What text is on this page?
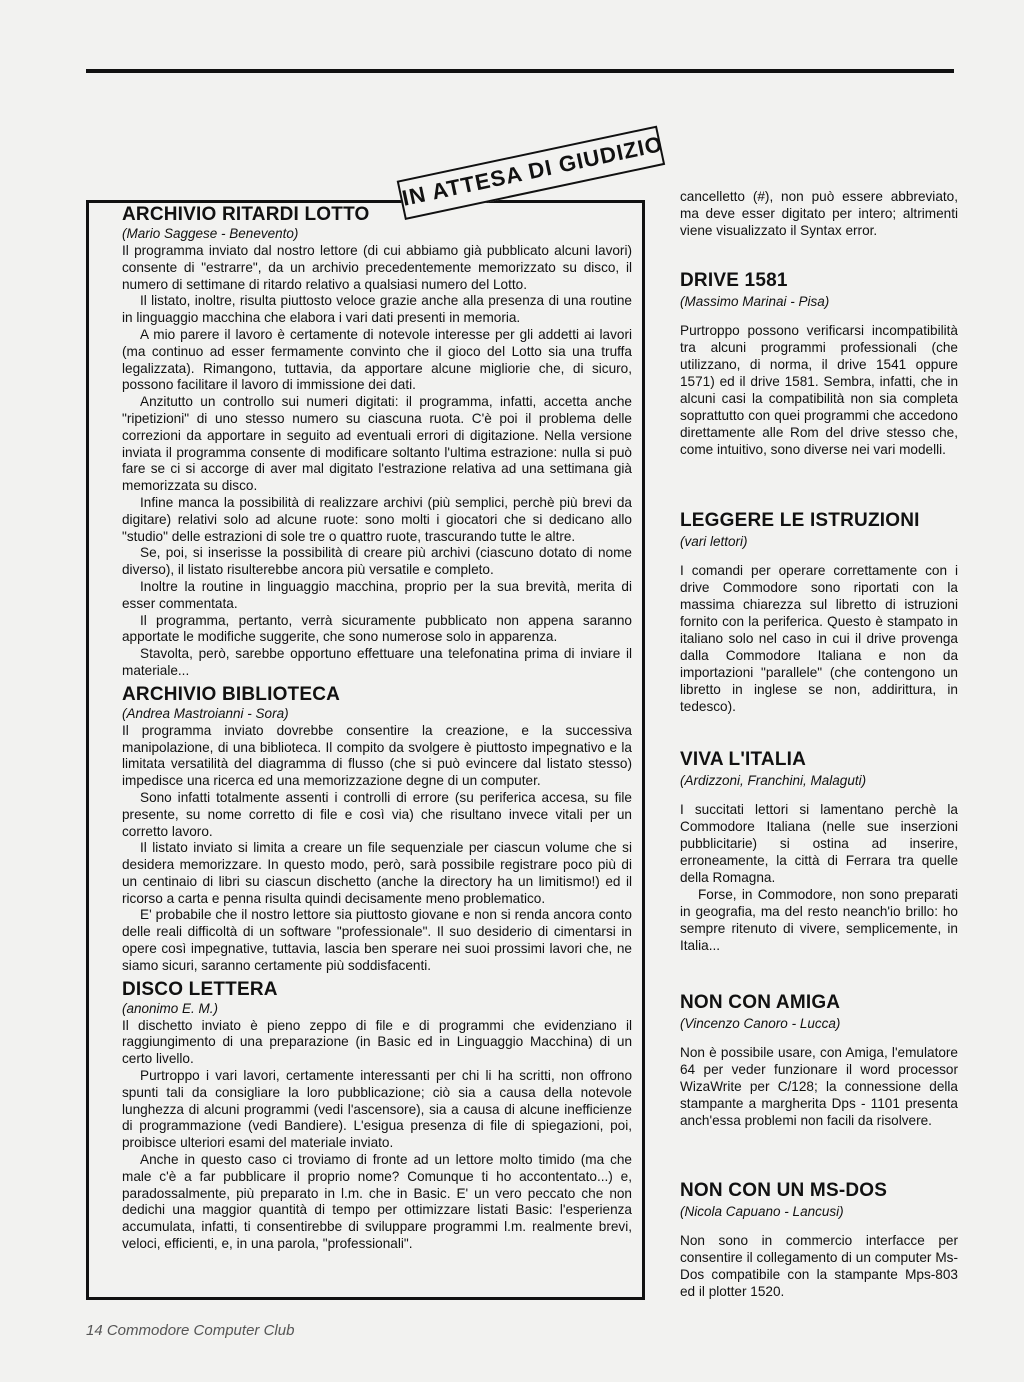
IN ATTESA DI GIUDIZIO
ARCHIVIO RITARDI LOTTO

(Mario Saggese - Benevento)

Il programma inviato dal nostro lettore (di cui abbiamo già pubblicato alcuni lavori) consente di "estrarre", da un archivio precedentemente memorizzato su disco, il numero di settimane di ritardo relativo a qualsiasi numero del Lotto.

Il listato, inoltre, risulta piuttosto veloce grazie anche alla presenza di una routine in linguaggio macchina che elabora i vari dati presenti in memoria.

A mio parere il lavoro è certamente di notevole interesse per gli addetti ai lavori (ma continuo ad esser fermamente convinto che il gioco del Lotto sia una truffa legalizzata). Rimangono, tuttavia, da apportare alcune migliorie che, di sicuro, possono facilitare il lavoro di immissione dei dati.

Anzitutto un controllo sui numeri digitati: il programma, infatti, accetta anche "ripetizioni" di uno stesso numero su ciascuna ruota. C'è poi il problema delle correzioni da apportare in seguito ad eventuali errori di digitazione. Nella versione inviata il programma consente di modificare soltanto l'ultima estrazione: nulla si può fare se ci si accorge di aver mal digitato l'estrazione relativa ad una settimana già memorizzata su disco.

Infine manca la possibilità di realizzare archivi (più semplici, perchè più brevi da digitare) relativi solo ad alcune ruote: sono molti i giocatori che si dedicano allo "studio" delle estrazioni di sole tre o quattro ruote, trascurando tutte le altre.

Se, poi, si inserisse la possibilità di creare più archivi (ciascuno dotato di nome diverso), il listato risulterebbe ancora più versatile e completo.

Inoltre la routine in linguaggio macchina, proprio per la sua brevità, merita di esser commentata.

Il programma, pertanto, verrà sicuramente pubblicato non appena saranno apportate le modifiche suggerite, che sono numerose solo in apparenza.

Stavolta, però, sarebbe opportuno effettuare una telefonatina prima di inviare il materiale...

ARCHIVIO BIBLIOTECA

(Andrea Mastroianni - Sora)

Il programma inviato dovrebbe consentire la creazione, e la successiva manipolazione, di una biblioteca. Il compito da svolgere è piuttosto impegnativo e la limitata versatilità del diagramma di flusso (che si può evincere dal listato stesso) impedisce una ricerca ed una memorizzazione degne di un computer.

Sono infatti totalmente assenti i controlli di errore (su periferica accesa, su file presente, su nome corretto di file e così via) che risultano invece vitali per un corretto lavoro.

Il listato inviato si limita a creare un file sequenziale per ciascun volume che si desidera memorizzare. In questo modo, però, sarà possibile registrare poco più di un centinaio di libri su ciascun dischetto (anche la directory ha un limitismo!) ed il ricorso a carta e penna risulta quindi decisamente meno problematico.

E' probabile che il nostro lettore sia piuttosto giovane e non si renda ancora conto delle reali difficoltà di un software "professionale". Il suo desiderio di cimentarsi in opere così impegnative, tuttavia, lascia ben sperare nei suoi prossimi lavori che, ne siamo sicuri, saranno certamente più soddisfacenti.

DISCO LETTERA

(anonimo E. M.)

Il dischetto inviato è pieno zeppo di file e di programmi che evidenziano il raggiungimento di una preparazione (in Basic ed in Linguaggio Macchina) di un certo livello.

Purtroppo i vari lavori, certamente interessanti per chi li ha scritti, non offrono spunti tali da consigliare la loro pubblicazione; ciò sia a causa della notevole lunghezza di alcuni programmi (vedi l'ascensore), sia a causa di alcune inefficienze di programmazione (vedi Bandiere). L'esigua presenza di file di spiegazioni, poi, proibisce ulteriori esami del materiale inviato.

Anche in questo caso ci troviamo di fronte ad un lettore molto timido (ma che male c'è a far pubblicare il proprio nome? Comunque ti ho accontentato...) e, paradossalmente, più preparato in l.m. che in Basic. E' un vero peccato che non dedichi una maggior quantità di tempo per ottimizzare listati Basic: l'esperienza accumulata, infatti, ti consentirebbe di sviluppare programmi l.m. realmente brevi, veloci, efficienti, e, in una parola, "professionali".

cancelletto (#), non può essere abbreviato, ma deve esser digitato per intero; altrimenti viene visualizzato il Syntax error.

DRIVE 1581

(Massimo Marinai - Pisa)

Purtroppo possono verificarsi incompatibilità tra alcuni programmi professionali (che utilizzano, di norma, il drive 1541 oppure 1571) ed il drive 1581. Sembra, infatti, che in alcuni casi la compatibilità non sia completa soprattutto con quei programmi che accedono direttamente alle Rom del drive stesso che, come intuitivo, sono diverse nei vari modelli.

LEGGERE LE ISTRUZIONI

(vari lettori)

I comandi per operare correttamente con i drive Commodore sono riportati con la massima chiarezza sul libretto di istruzioni fornito con la periferica. Questo è stampato in italiano solo nel caso in cui il drive provenga dalla Commodore Italiana e non da importazioni "parallele" (che contengono un libretto in inglese se non, addirittura, in tedesco).

VIVA L'ITALIA

(Ardizzoni, Franchini, Malaguti)

I succitati lettori si lamentano perchè la Commodore Italiana (nelle sue inserzioni pubblicitarie) si ostina ad inserire, erroneamente, la città di Ferrara tra quelle della Romagna.

Forse, in Commodore, non sono preparati in geografia, ma del resto neanch'io brillo: ho sempre ritenuto di vivere, semplicemente, in Italia...

NON CON AMIGA

(Vincenzo Canoro - Lucca)

Non è possibile usare, con Amiga, l'emulatore 64 per veder funzionare il word processor WizaWrite per C/128; la connessione della stampante a margherita Dps - 1101 presenta anch'essa problemi non facili da risolvere.

NON CON UN MS-DOS

(Nicola Capuano - Lancusi)

Non sono in commercio interfacce per consentire il collegamento di un computer Ms-Dos compatibile con la stampante Mps-803 ed il plotter 1520.

14 Commodore Computer Club
